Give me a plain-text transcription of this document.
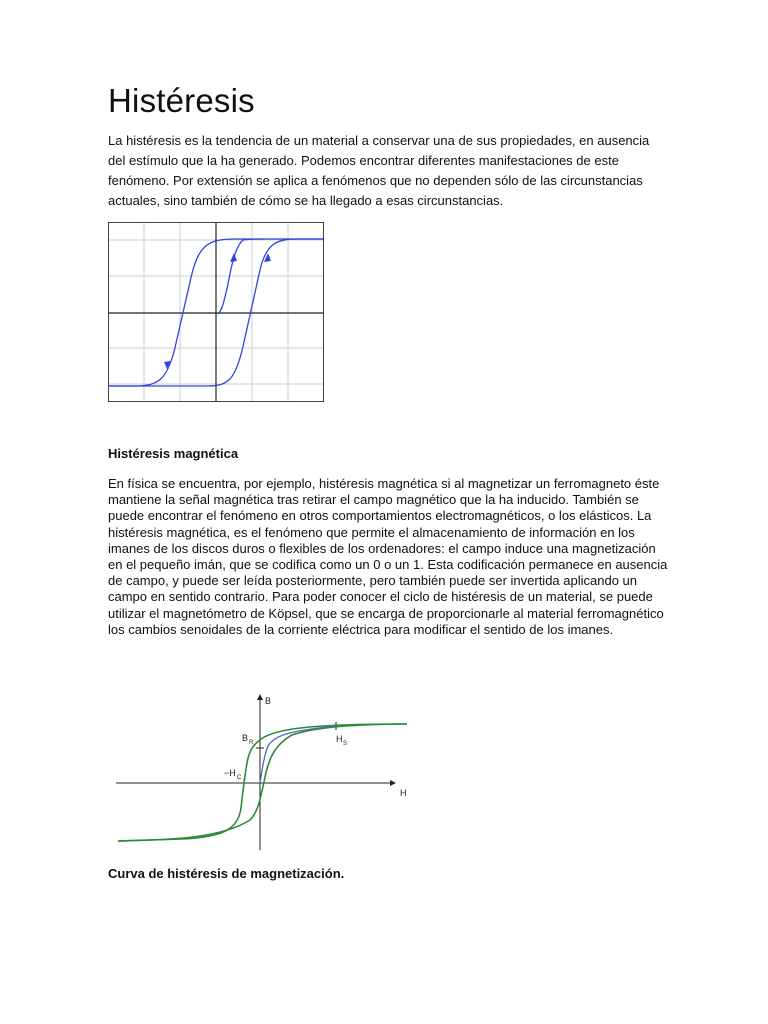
Histéresis

La histéresis es la tendencia de un material a conservar una de sus propiedades, en ausencia del estímulo que la ha generado. Podemos encontrar diferentes manifestaciones de este fenómeno. Por extensión se aplica a fenómenos que no dependen sólo de las circunstancias actuales, sino también de cómo se ha llegado a esas circunstancias.

Histéresis magnética

En física se encuentra, por ejemplo, histéresis magnética si al magnetizar un ferromagneto éste mantiene la señal magnética tras retirar el campo magnético que la ha inducido. También se puede encontrar el fenómeno en otros comportamientos electromagnéticos, o los elásticos. La histéresis magnética, es el fenómeno que permite el almacenamiento de información en los imanes de los discos duros o flexibles de los ordenadores: el campo induce una magnetización en el pequeño imán, que se codifica como un 0 o un 1. Esta codificación permanece en ausencia de campo, y puede ser leída posteriormente, pero también puede ser invertida aplicando un campo en sentido contrario. Para poder conocer el ciclo de histéresis de un material, se puede utilizar el magnetómetro de Köpsel, que se encarga de proporcionarle al material ferromagnético los cambios senoidales de la corriente eléctrica para modificar el sentido de los imanes.

B
H
B R	H S
−H C

Curva de histéresis de magnetización.
